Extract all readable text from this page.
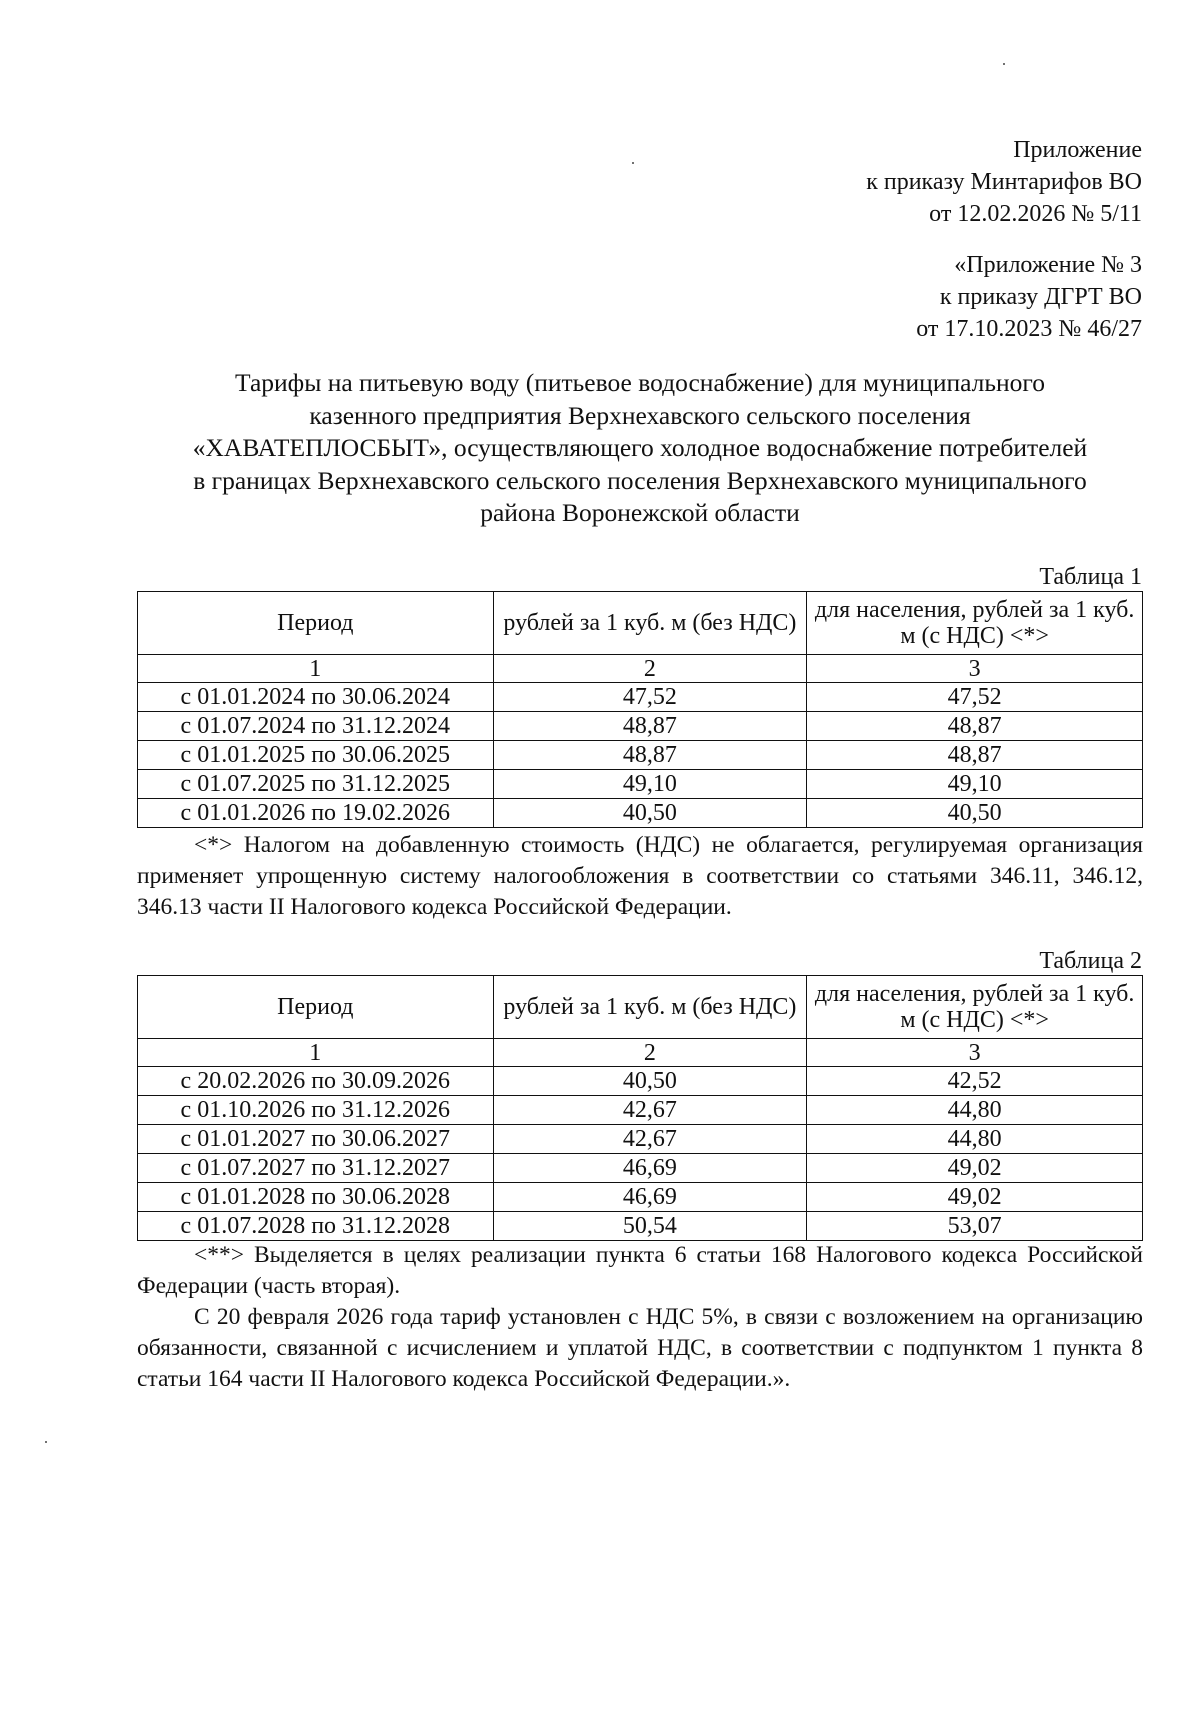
Приложение
к приказу Минтарифов ВО
от 12.02.2026 № 5/11
«Приложение № 3
к приказу ДГРТ ВО
от 17.10.2023 № 46/27
Тарифы на питьевую воду (питьевое водоснабжение) для муниципального
казенного предприятия Верхнехавского сельского поселения
«ХАВАТЕПЛОСБЫТ», осуществляющего холодное водоснабжение потребителей
в границах Верхнехавского сельского поселения Верхнехавского муниципального
района Воронежской области
Таблица 1
Период	рублей за 1 куб. м (без НДС)	для населения, рублей за 1 куб. м (с НДС) <*>
1	2	3
с 01.01.2024 по 30.06.2024	47,52	47,52
с 01.07.2024 по 31.12.2024	48,87	48,87
с 01.01.2025 по 30.06.2025	48,87	48,87
с 01.07.2025 по 31.12.2025	49,10	49,10
с 01.01.2026 по 19.02.2026	40,50	40,50

<*> Налогом на добавленную стоимость (НДС) не облагается, регулируемая организация применяет упрощенную систему налогообложения в соответствии со статьями 346.11, 346.12, 346.13 части II Налогового кодекса Российской Федерации.

Таблица 2
Период	рублей за 1 куб. м (без НДС)	для населения, рублей за 1 куб. м (с НДС) <*>
1	2	3
с 20.02.2026 по 30.09.2026	40,50	42,52
с 01.10.2026 по 31.12.2026	42,67	44,80
с 01.01.2027 по 30.06.2027	42,67	44,80
с 01.07.2027 по 31.12.2027	46,69	49,02
с 01.01.2028 по 30.06.2028	46,69	49,02
с 01.07.2028 по 31.12.2028	50,54	53,07

<**> Выделяется в целях реализации пункта 6 статьи 168 Налогового кодекса Российской Федерации (часть вторая).

С 20 февраля 2026 года тариф установлен с НДС 5%, в связи с возложением на организацию обязанности, связанной с исчислением и уплатой НДС, в соответствии с подпунктом 1 пункта 8 статьи 164 части II Налогового кодекса Российской Федерации.».
